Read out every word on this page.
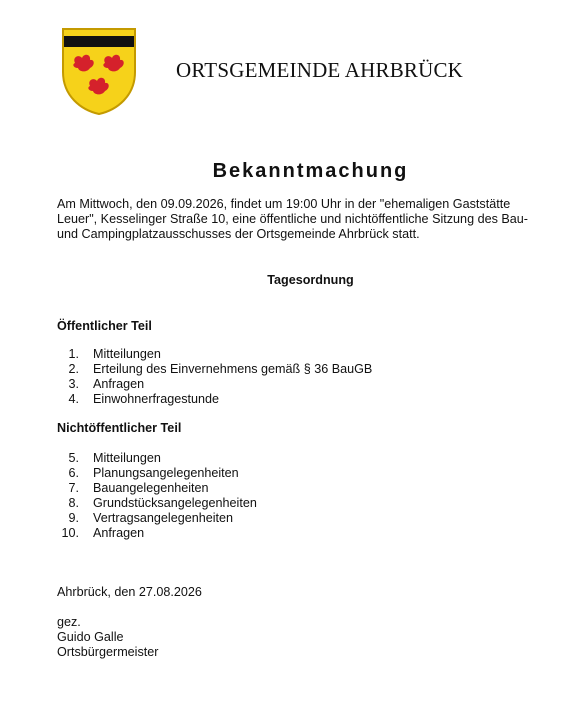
ORTSGEMEINDE AHRBRÜCK
Bekanntmachung
Am Mittwoch, den 09.09.2026, findet um 19:00 Uhr in der "ehemaligen Gaststätte
Leuer", Kesselinger Straße 10, eine öffentliche und nichtöffentliche Sitzung des Bau-
und Campingplatzausschusses der Ortsgemeinde Ahrbrück statt.
Tagesordnung
Öffentlicher Teil
1. Mitteilungen
2. Erteilung des Einvernehmens gemäß § 36 BauGB
3. Anfragen
4. Einwohnerfragestunde
Nichtöffentlicher Teil
5. Mitteilungen
6. Planungsangelegenheiten
7. Bauangelegenheiten
8. Grundstücksangelegenheiten
9. Vertragsangelegenheiten
10. Anfragen
Ahrbrück, den 27.08.2026
gez.
Guido Galle
Ortsbürgermeister
